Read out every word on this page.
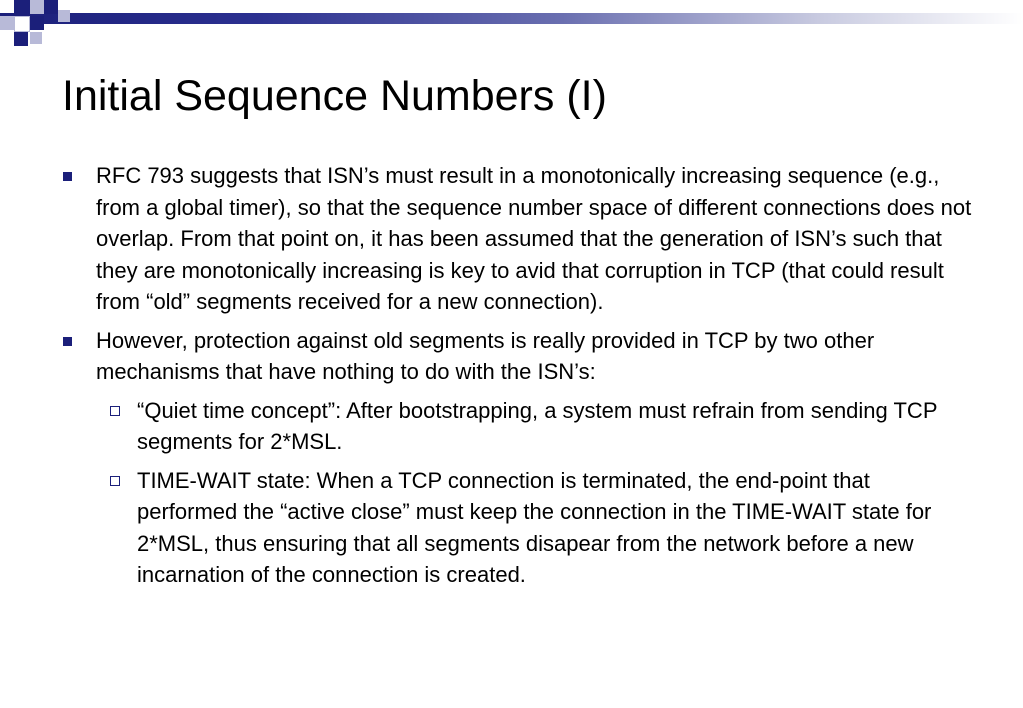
Initial Sequence Numbers (I)
RFC 793 suggests that ISN’s must result in a monotonically increasing sequence (e.g., from a global timer), so that the sequence number space of different connections does not overlap. From that point on, it has been assumed that the generation of ISN’s such that they are monotonically increasing is key to avid that corruption in TCP (that could result from “old” segments received for a new connection).
However, protection against old segments is really provided in TCP by two other mechanisms that have nothing to do with the ISN’s:
“Quiet time concept”: After bootstrapping, a system must refrain from sending TCP segments for 2*MSL.
TIME-WAIT state: When a TCP connection is terminated, the end-point that performed the “active close” must keep the connection in the TIME-WAIT state for 2*MSL, thus ensuring that all segments disapear from the network before a new incarnation of the connection is created.
